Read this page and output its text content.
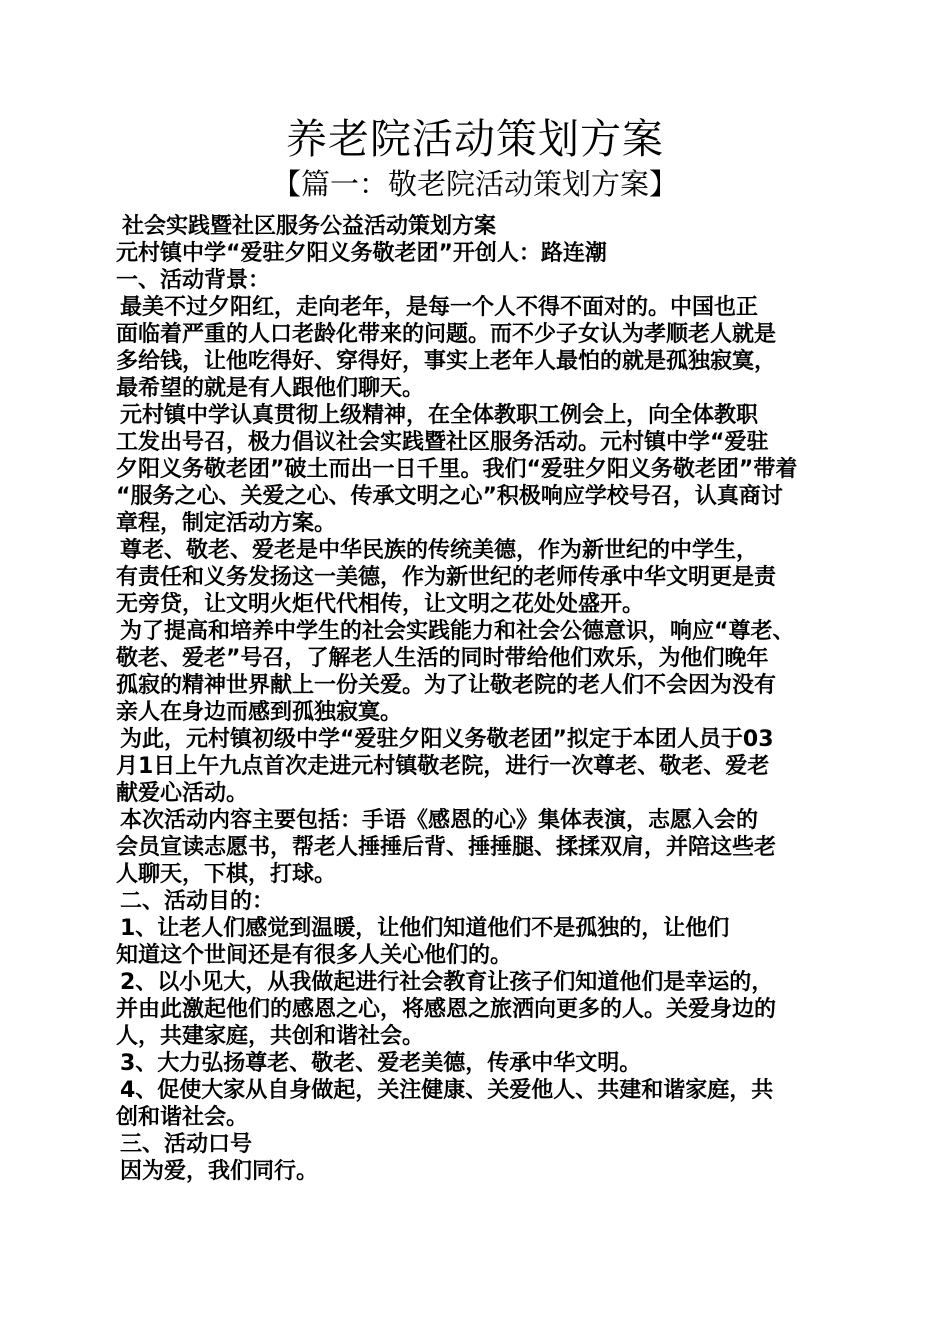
养老院活动策划方案
【篇一：敬老院活动策划方案】
社会实践暨社区服务公益活动策划方案
元村镇中学“爱驻夕阳义务敬老团”开创人：路连潮
一、活动背景：
最美不过夕阳红，走向老年，是每一个人不得不面对的。中国也正
面临着严重的人口老龄化带来的问题。而不少子女认为孝顺老人就是
多给钱，让他吃得好、穿得好，事实上老年人最怕的就是孤独寂寞，
最希望的就是有人跟他们聊天。
元村镇中学认真贯彻上级精神，在全体教职工例会上，向全体教职
工发出号召，极力倡议社会实践暨社区服务活动。元村镇中学“爱驻
夕阳义务敬老团”破土而出一日千里。我们“爱驻夕阳义务敬老团”带着
“服务之心、关爱之心、传承文明之心”积极响应学校号召，认真商讨
章程，制定活动方案。
尊老、敬老、爱老是中华民族的传统美德，作为新世纪的中学生，
有责任和义务发扬这一美德，作为新世纪的老师传承中华文明更是责
无旁贷，让文明火炬代代相传，让文明之花处处盛开。
为了提高和培养中学生的社会实践能力和社会公德意识，响应“尊老、
敬老、爱老”号召，了解老人生活的同时带给他们欢乐，为他们晚年
孤寂的精神世界献上一份关爱。为了让敬老院的老人们不会因为没有
亲人在身边而感到孤独寂寞。
为此，元村镇初级中学“爱驻夕阳义务敬老团”拟定于本团人员于03
月1日上午九点首次走进元村镇敬老院，进行一次尊老、敬老、爱老
献爱心活动。
本次活动内容主要包括：手语《感恩的心》集体表演，志愿入会的
会员宣读志愿书，帮老人捶捶后背、捶捶腿、揉揉双肩，并陪这些老
人聊天，下棋，打球。
二、活动目的：
1、让老人们感觉到温暖，让他们知道他们不是孤独的，让他们
知道这个世间还是有很多人关心他们的。
2、以小见大，从我做起进行社会教育让孩子们知道他们是幸运的，
并由此激起他们的感恩之心，将感恩之旅洒向更多的人。关爱身边的
人，共建家庭，共创和谐社会。
3、大力弘扬尊老、敬老、爱老美德，传承中华文明。
4、促使大家从自身做起，关注健康、关爱他人、共建和谐家庭，共
创和谐社会。
三、活动口号
因为爱，我们同行。
